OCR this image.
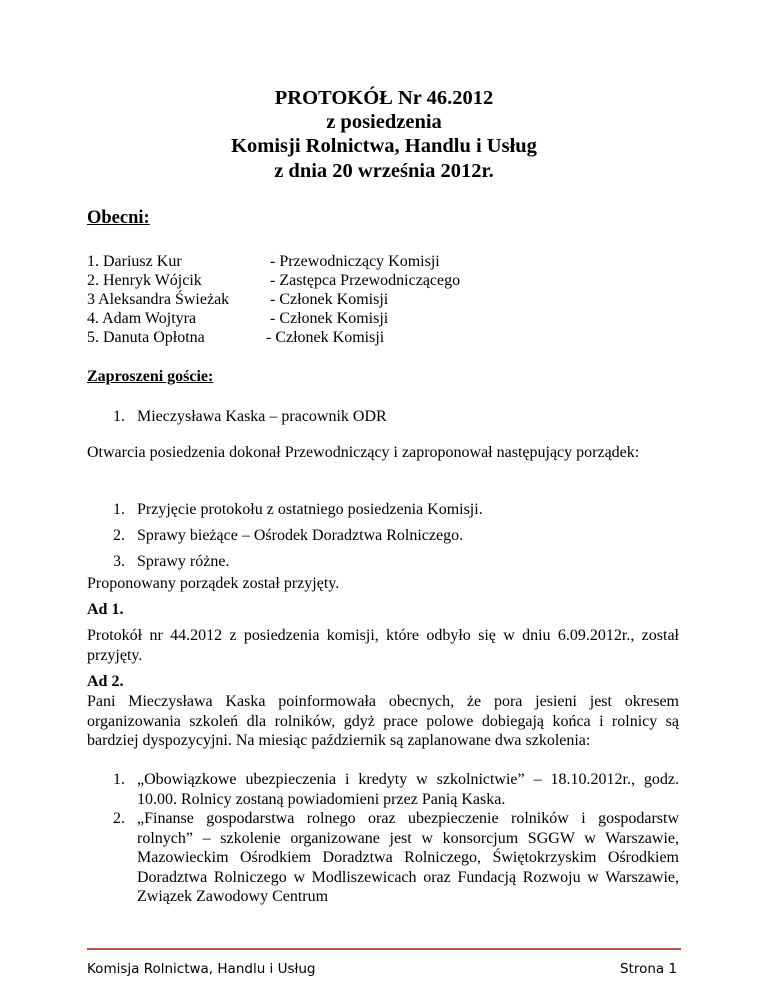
PROTOKÓŁ Nr 46.2012
z posiedzenia
Komisji Rolnictwa, Handlu i Usług
z dnia 20 września 2012r.
Obecni:
1. Dariusz Kur	- Przewodniczący Komisji
2. Henryk Wójcik	- Zastępca Przewodniczącego
3 Aleksandra Świeżak	- Członek Komisji
4. Adam Wojtyra	- Członek Komisji
5. Danuta Opłotna	- Członek Komisji
Zaproszeni goście:
1. Mieczysława Kaska – pracownik ODR
Otwarcia posiedzenia dokonał Przewodniczący i zaproponował następujący porządek:
1. Przyjęcie protokołu z ostatniego posiedzenia Komisji.
2. Sprawy bieżące – Ośrodek Doradztwa Rolniczego.
3. Sprawy różne.
Proponowany porządek został przyjęty.
Ad 1.
Protokół nr 44.2012 z posiedzenia komisji, które odbyło się w dniu 6.09.2012r., został przyjęty.
Ad 2.
Pani Mieczysława Kaska poinformowała obecnych, że pora jesieni jest okresem organizowania szkoleń dla rolników, gdyż prace polowe dobiegają końca i rolnicy są bardziej dyspozycyjni. Na miesiąc październik są zaplanowane dwa szkolenia:
1. „Obowiązkowe ubezpieczenia i kredyty w szkolnictwie” – 18.10.2012r., godz. 10.00. Rolnicy zostaną powiadomieni przez Panią Kaska.
2. „Finanse gospodarstwa rolnego oraz ubezpieczenie rolników i gospodarstw rolnych” – szkolenie organizowane jest w konsorcjum SGGW w Warszawie, Mazowieckim Ośrodkiem Doradztwa Rolniczego, Świętokrzyskim Ośrodkiem Doradztwa Rolniczego w Modliszewicach oraz Fundacją Rozwoju w Warszawie, Związek Zawodowy Centrum
Komisja Rolnictwa, Handlu i Usług	Strona 1
